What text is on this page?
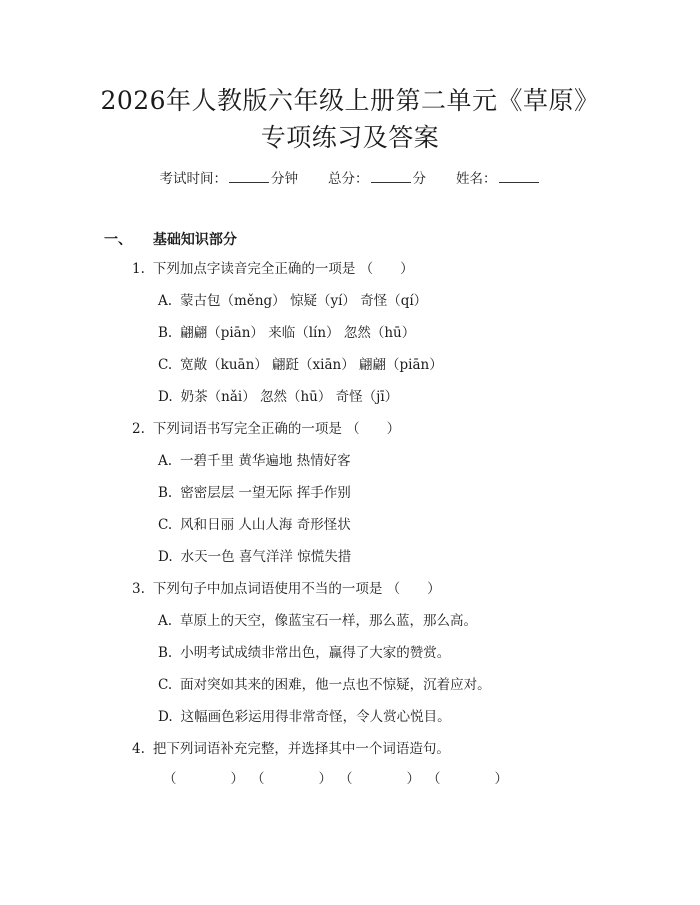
2026年人教版六年级上册第二单元《草原》
专项练习及答案
考试时间：	分钟 总分：	分 姓名：
一、 基础知识部分
1. 下列加点字读音完全正确的一项是 （　　）
A. 蒙古包（měng） 惊疑（yí） 奇怪（qí）
B. 翩翩（piān） 来临（lín） 忽然（hū）
C. 宽敞（kuān） 翩跹（xiān） 翩翩（piān）
D. 奶茶（nǎi） 忽然（hū） 奇怪（jī）
2. 下列词语书写完全正确的一项是 （　　）
A. 一碧千里 黄华遍地 热情好客
B. 密密层层 一望无际 挥手作别
C. 风和日丽 人山人海 奇形怪状
D. 水天一色 喜气洋洋 惊慌失措
3. 下列句子中加点词语使用不当的一项是 （　　）
A. 草原上的天空，像蓝宝石一样，那么蓝，那么高。
B. 小明考试成绩非常出色，赢得了大家的赞赏。
C. 面对突如其来的困难，他一点也不惊疑，沉着应对。
D. 这幅画色彩运用得非常奇怪，令人赏心悦目。
4. 把下列词语补充完整，并选择其中一个词语造句。
（　　　　） （　　　　） （　　　　） （　　　　）
